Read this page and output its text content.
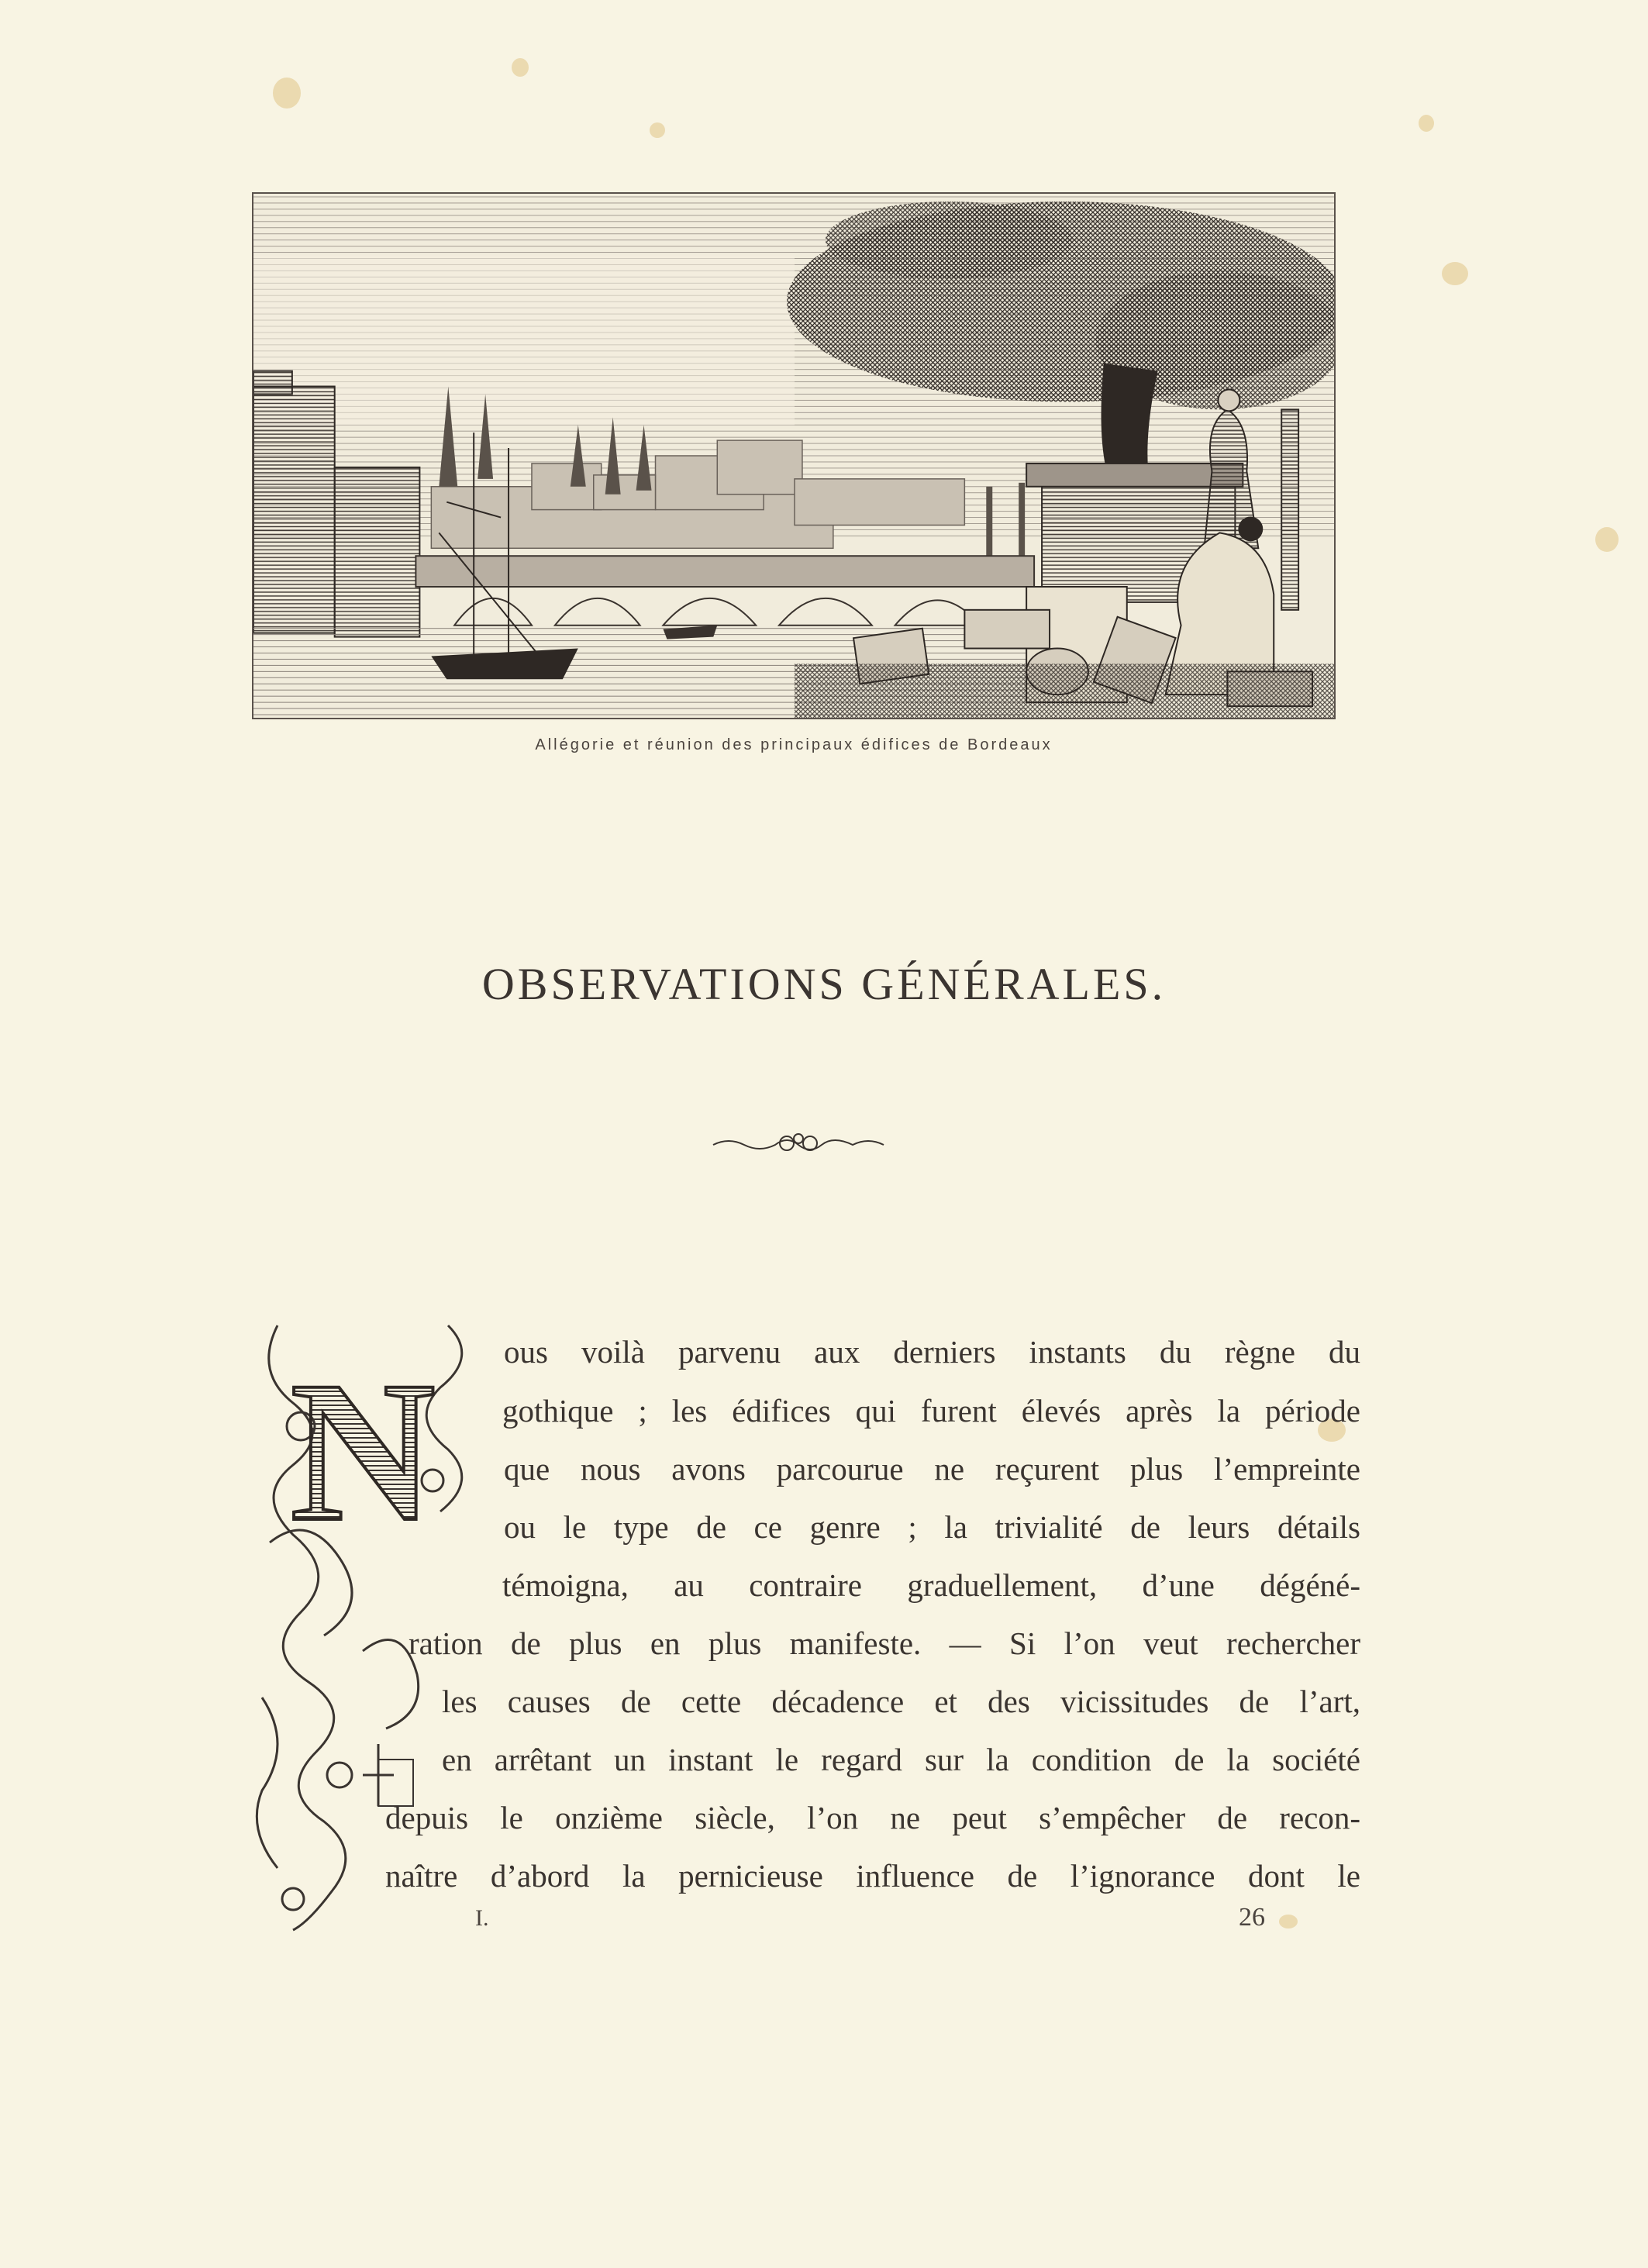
Allégorie et réunion des principaux édifices de Bordeaux
OBSERVATIONS GÉNÉRALES.
N ous voilà parvenu aux derniers instants du règne du
gothique ; les édifices qui furent élevés après la période
que nous avons parcourue ne reçurent plus l’empreinte
ou le type de ce genre ; la trivialité de leurs détails
témoigna, au contraire graduellement, d’une dégéné-
ration de plus en plus manifeste. — Si l’on veut rechercher
les causes de cette décadence et des vicissitudes de l’art,
en arrêtant un instant le regard sur la condition de la société
depuis le onzième siècle, l’on ne peut s’empêcher de recon-
naître d’abord la pernicieuse influence de l’ignorance dont le
I.	26
